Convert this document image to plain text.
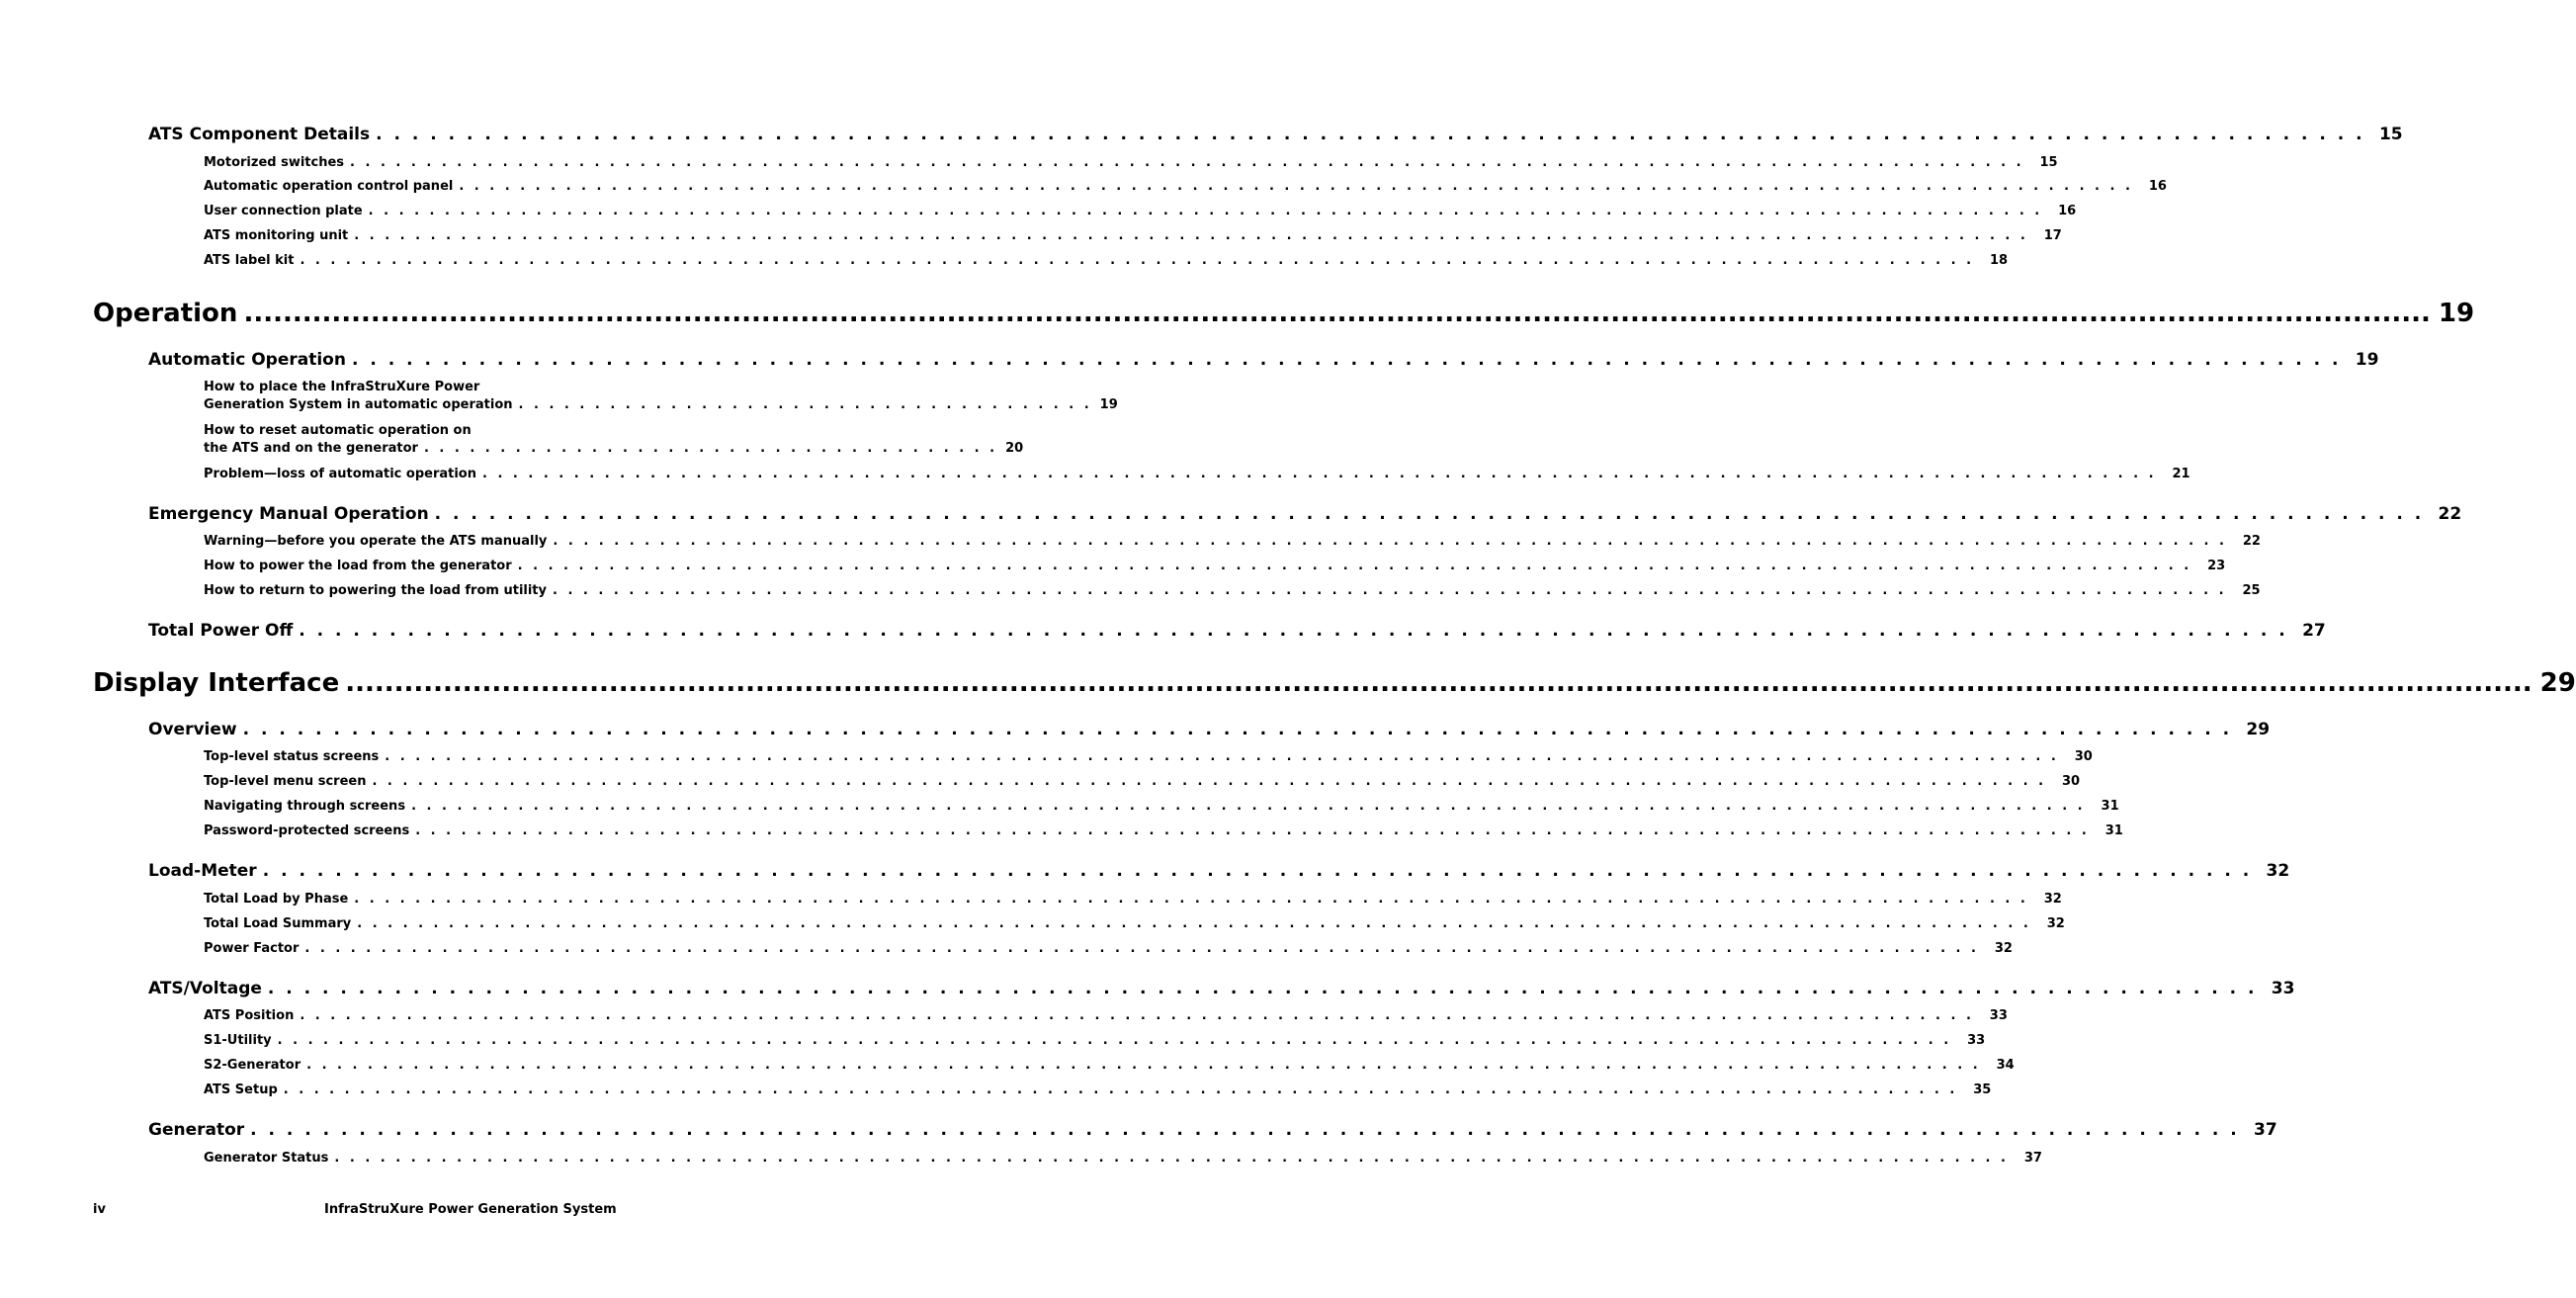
ATS Component Details . . .	15
Motorized switches . . .	15
Automatic operation control panel . . .	16
User connection plate . . .	16
ATS monitoring unit . . .	17
ATS label kit . . .	18
Operation .....	19
Automatic Operation . . .	19
How to place the InfraStruXure Power
Generation System in automatic operation . . . . . . . . . . . . . . . . . . . . . . . . . . . . . . . . . . . . . . 19
How to reset automatic operation on
the ATS and on the generator . . . . . . . . . . . . . . . . . . . . . . . . . . . . . . . . . . . . . . 20
Problem—loss of automatic operation . . .	21
Emergency Manual Operation . . .	22
Warning—before you operate the ATS manually . . .	22
How to power the load from the generator . . .	23
How to return to powering the load from utility . . .	25
Total Power Off . . .	27
Display Interface .....	29
Overview . . .	29
Top-level status screens . . .	30
Top-level menu screen . . .	30
Navigating through screens . . .	31
Password-protected screens . . .	31
Load-Meter . . .	32
Total Load by Phase . . .	32
Total Load Summary . . .	32
Power Factor . . .	32
ATS/Voltage . . .	33
ATS Position . . .	33
S1-Utility . . .	33
S2-Generator . . .	34
ATS Setup . . .	35
Generator . . .	37
Generator Status . . .	37
iv	InfraStruXure Power Generation System
